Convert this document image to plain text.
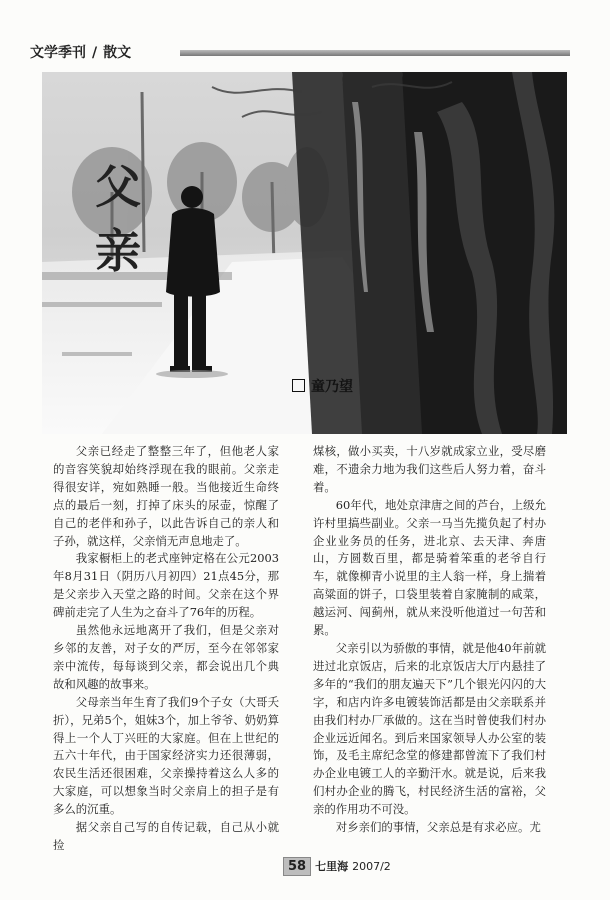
文学季刊 / 散文
父
亲
童乃望

父亲已经走了整整三年了，但他老人家的音容笑貌却始终浮现在我的眼前。父亲走得很安详，宛如熟睡一般。当他接近生命终点的最后一刻，打掉了床头的尿壶，惊醒了自己的老伴和孙子，以此告诉自己的亲人和子孙，就这样，父亲悄无声息地走了。

我家橱柜上的老式座钟定格在公元2003年8月31日（阴历八月初四）21点45分，那是父亲步入天堂之路的时间。父亲在这个界碑前走完了人生为之奋斗了76年的历程。

虽然他永远地离开了我们，但是父亲对乡邻的友善，对子女的严厉，至今在邻邻家亲中流传，每每谈到父亲，都会说出几个典故和风趣的故事来。

父母亲当年生育了我们9个子女（大哥夭折），兄弟5个，姐妹3个，加上爷爷、奶奶算得上一个人丁兴旺的大家庭。但在上世纪的五六十年代，由于国家经济实力还很薄弱，农民生活还很困难，父亲操持着这么人多的大家庭，可以想象当时父亲肩上的担子是有多么的沉重。

据父亲自己写的自传记载，自己从小就捡

煤核，做小买卖，十八岁就成家立业，受尽磨难，不遗余力地为我们这些后人努力着，奋斗着。

60年代，地处京津唐之间的芦台，上级允许村里搞些副业。父亲一马当先揽负起了村办企业业务员的任务，进北京、去天津、奔唐山，方圆数百里，都是骑着笨重的老爷自行车，就像柳青小说里的主人翁一样，身上揣着高粱面的饼子，口袋里装着自家腌制的咸菜，越运河、闯蓟州，就从来没听他道过一句苦和累。

父亲引以为骄傲的事情，就是他40年前就进过北京饭店，后来的北京饭店大厅内悬挂了多年的“我们的朋友遍天下”几个银光闪闪的大字，和店内许多电镀装饰活都是由父亲联系并由我们村办厂承做的。这在当时曾使我们村办企业远近闻名。到后来国家领导人办公室的装饰，及毛主席纪念堂的修建都曾流下了我们村办企业电镀工人的辛勤汗水。就是说，后来我们村办企业的腾飞，村民经济生活的富裕，父亲的作用功不可没。

对乡亲们的事情，父亲总是有求必应。尤

58 七里海 2007/2
